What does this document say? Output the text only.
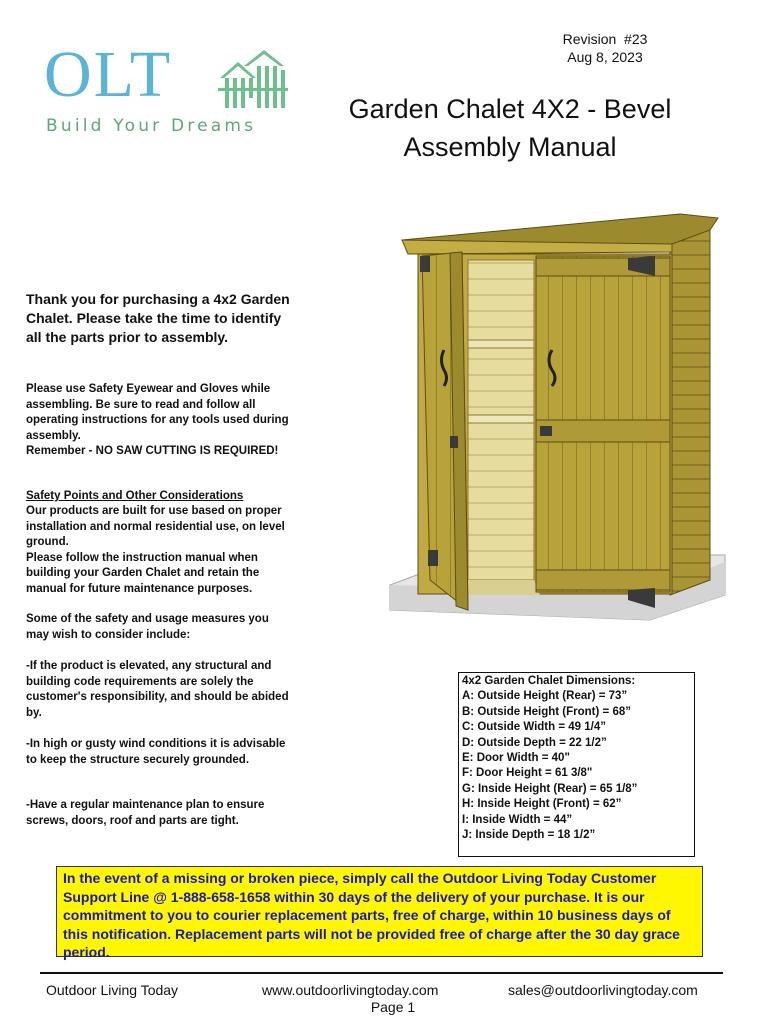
OLT
Build Your Dreams
Revision  #23
Aug 8, 2023
Garden Chalet 4X2 - Bevel
Assembly Manual
Thank you for purchasing a 4x2 Garden Chalet. Please take the time to identify all the parts prior to assembly.
Please use Safety Eyewear and Gloves while assembling. Be sure to read and follow all operating instructions for any tools used during assembly.
Remember - NO SAW CUTTING IS REQUIRED!
Safety Points and Other Considerations
Our products are built for use based on proper installation and normal residential use, on level ground.
Please follow the instruction manual when building your Garden Chalet and retain the manual for future maintenance purposes.
Some of the safety and usage measures you may wish to consider include:
-If the product is elevated, any structural and building code requirements are solely the customer's responsibility, and should be abided by.
-In high or gusty wind conditions it is advisable to keep the structure securely grounded.
-Have a regular maintenance plan to ensure screws, doors, roof and parts are tight.
4x2 Garden Chalet Dimensions:
A: Outside Height (Rear) = 73”
B: Outside Height (Front) = 68”
C: Outside Width = 49 1/4”
D: Outside Depth = 22 1/2”
E: Door Width = 40"
F: Door Height = 61 3/8"
G: Inside Height (Rear) = 65 1/8”
H: Inside Height (Front) = 62”
I: Inside Width = 44”
J: Inside Depth = 18 1/2”
In the event of a missing or broken piece, simply call the Outdoor Living Today Customer Support Line @ 1-888-658-1658 within 30 days of the delivery of your purchase. It is our commitment to you to courier replacement parts, free of charge, within 10 business days of this notification. Replacement parts will not be provided free of charge after the 30 day grace period.
Outdoor Living Today	www.outdoorlivingtoday.com	sales@outdoorlivingtoday.com
Page 1
